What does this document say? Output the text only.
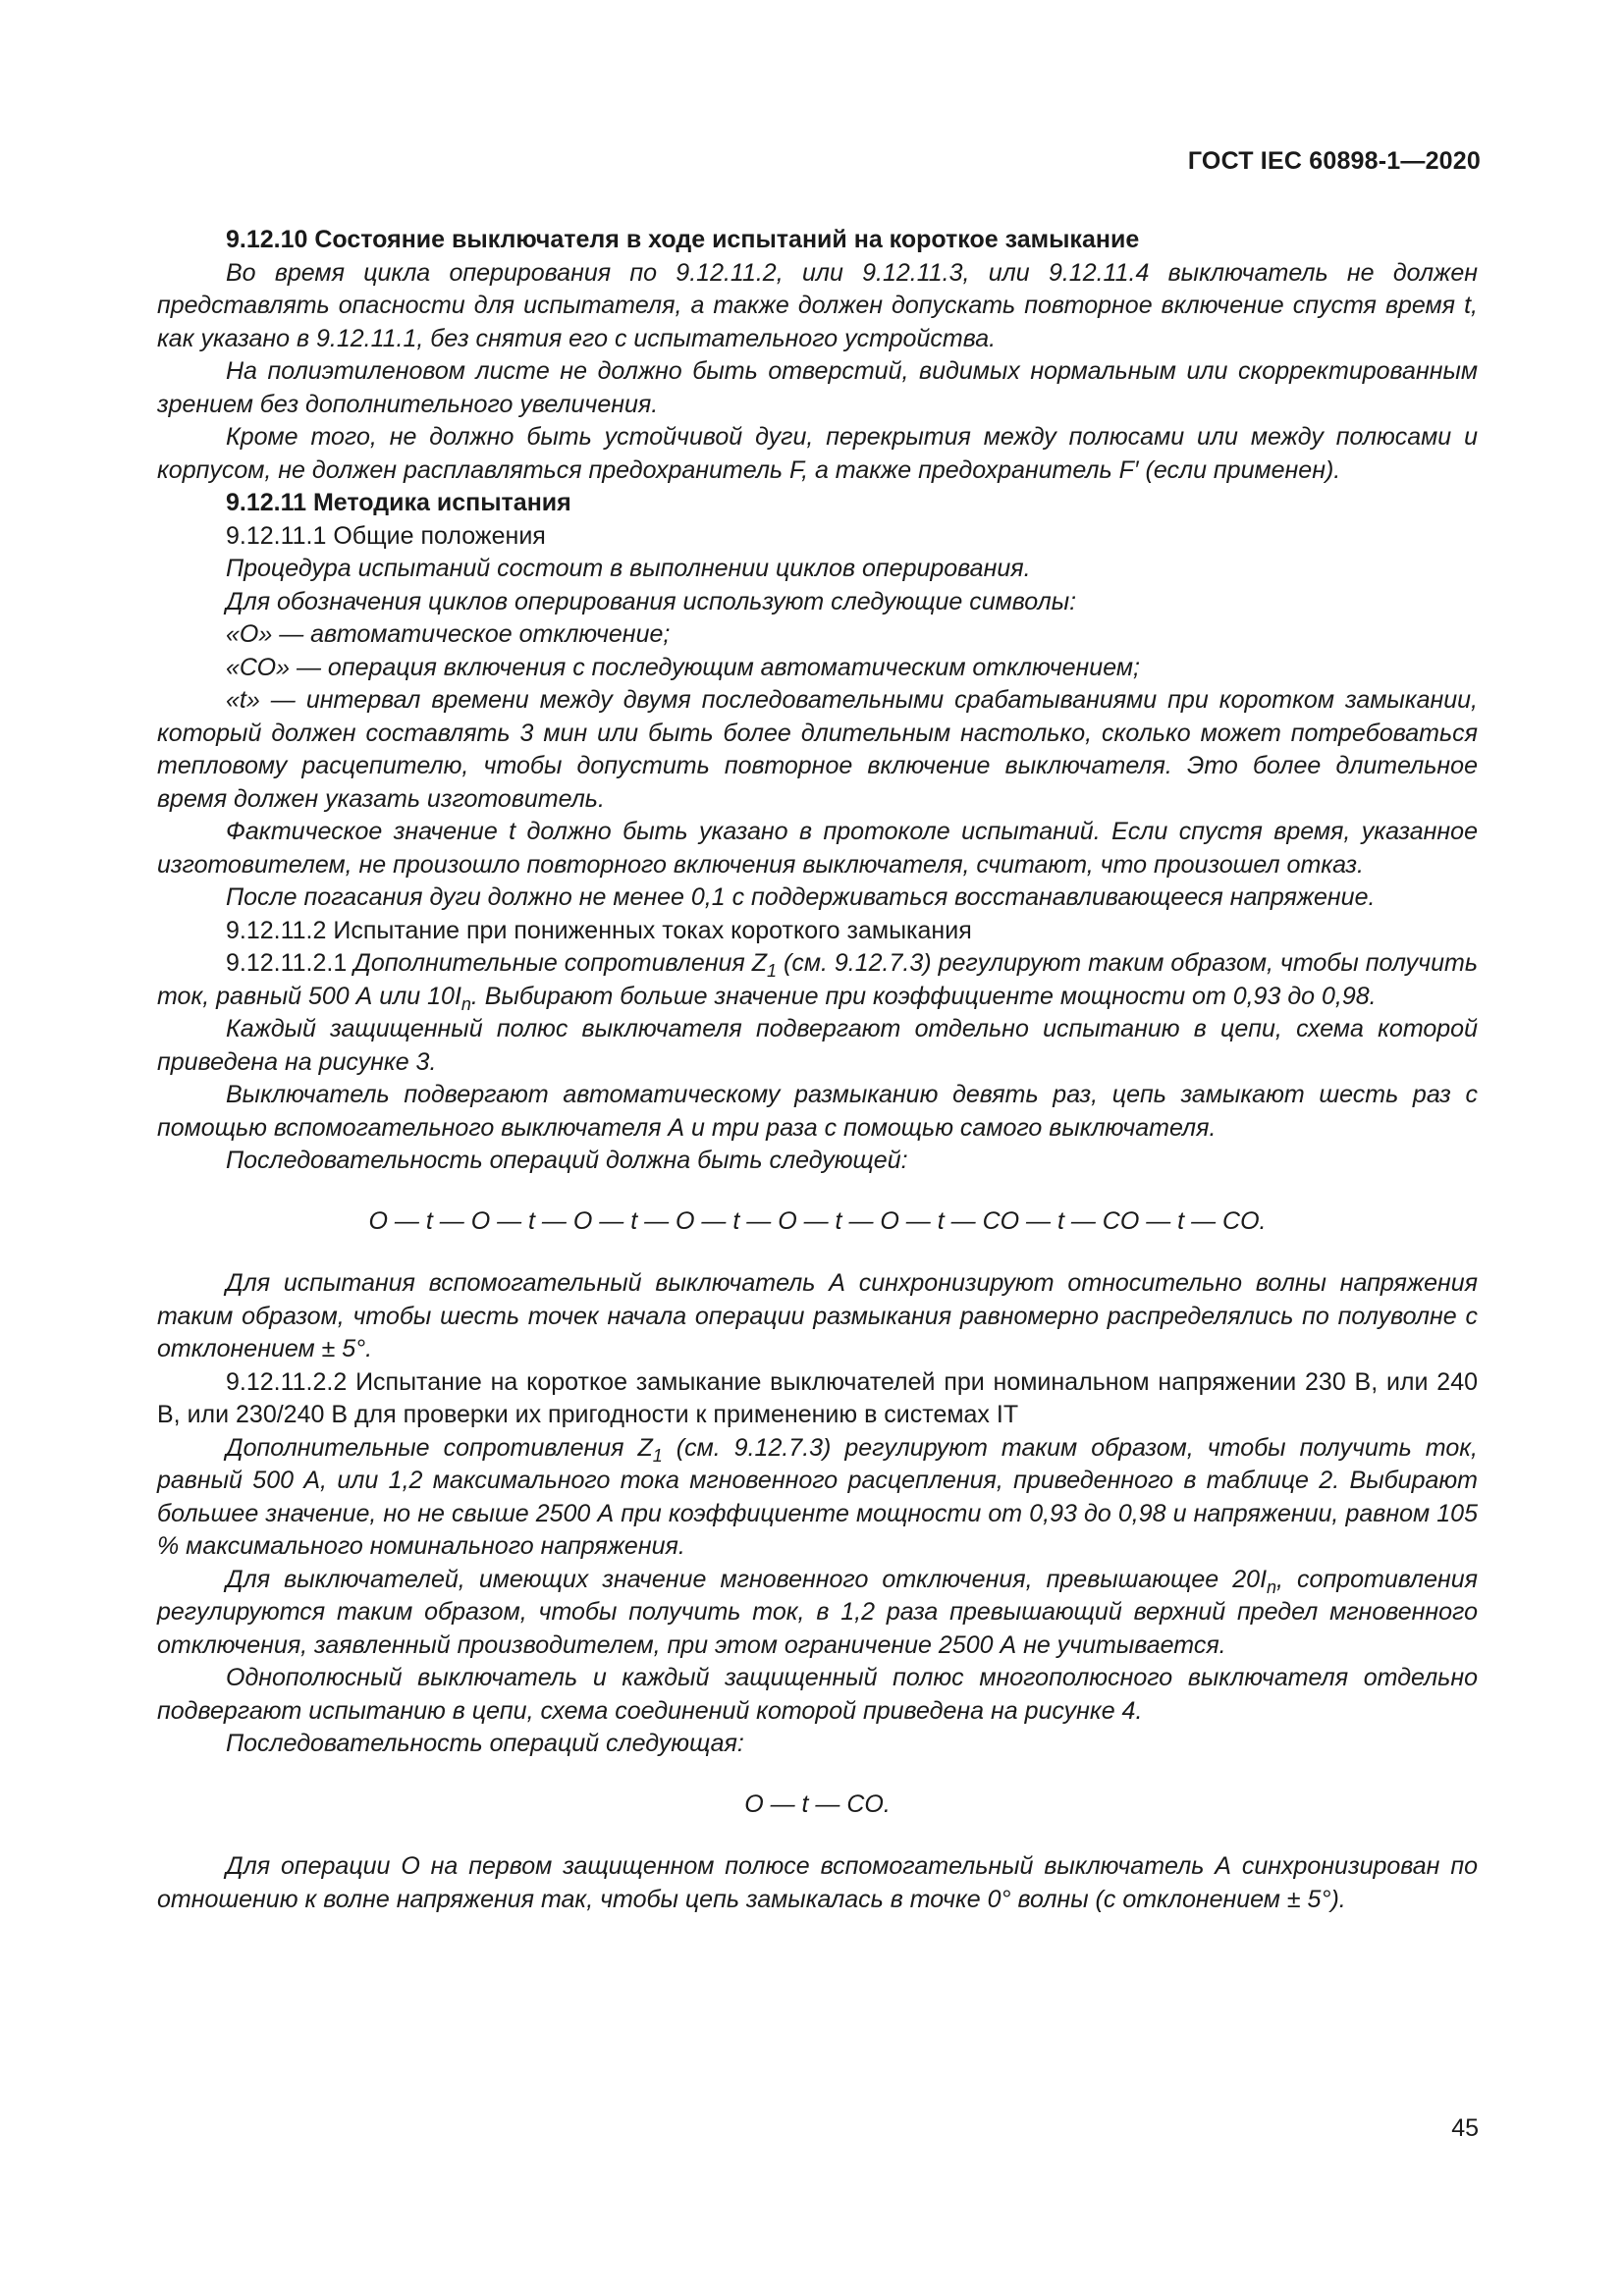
ГОСТ IEC 60898-1—2020

9.12.10 Состояние выключателя в ходе испытаний на короткое замыкание

Во время цикла оперирования по 9.12.11.2, или 9.12.11.3, или 9.12.11.4 выключатель не должен представлять опасности для испытателя, а также должен допускать повторное включение спустя время t, как указано в 9.12.11.1, без снятия его с испытательного устройства.

На полиэтиленовом листе не должно быть отверстий, видимых нормальным или скорректированным зрением без дополнительного увеличения.

Кроме того, не должно быть устойчивой дуги, перекрытия между полюсами или между полюсами и корпусом, не должен расплавляться предохранитель F, а также предохранитель F′ (если применен).

9.12.11 Методика испытания

9.12.11.1 Общие положения

Процедура испытаний состоит в выполнении циклов оперирования.

Для обозначения циклов оперирования используют следующие символы:

«О» — автоматическое отключение;

«СО» — операция включения с последующим автоматическим отключением;

«t» — интервал времени между двумя последовательными срабатываниями при коротком замыкании, который должен составлять 3 мин или быть более длительным настолько, сколько может потребоваться тепловому расцепителю, чтобы допустить повторное включение выключателя. Это более длительное время должен указать изготовитель.

Фактическое значение t должно быть указано в протоколе испытаний. Если спустя время, указанное изготовителем, не произошло повторного включения выключателя, считают, что произошел отказ.

После погасания дуги должно не менее 0,1 с поддерживаться восстанавливающееся напряжение.

9.12.11.2 Испытание при пониженных токах короткого замыкания

9.12.11.2.1 Дополнительные сопротивления $Z_1$ (см. 9.12.7.3) регулируют таким образом, чтобы получить ток, равный 500 А или $10I_n$. Выбирают больше значение при коэффициенте мощности от 0,93 до 0,98.

Каждый защищенный полюс выключателя подвергают отдельно испытанию в цепи, схема которой приведена на рисунке 3.

Выключатель подвергают автоматическому размыканию девять раз, цепь замыкают шесть раз с помощью вспомогательного выключателя А и три раза с помощью самого выключателя.

Последовательность операций должна быть следующей:

O — t — O — t — O — t — O — t — O — t — O — t — CO — t — CO — t — CO.

Для испытания вспомогательный выключатель А синхронизируют относительно волны напряжения таким образом, чтобы шесть точек начала операции размыкания равномерно распределялись по полуволне с отклонением ± 5°.

9.12.11.2.2 Испытание на короткое замыкание выключателей при номинальном напряжении 230 В, или 240 В, или 230/240 В для проверки их пригодности к применению в системах IT

Дополнительные сопротивления $Z_1$ (см. 9.12.7.3) регулируют таким образом, чтобы получить ток, равный 500 А, или 1,2 максимального тока мгновенного расцепления, приведенного в таблице 2. Выбирают большее значение, но не свыше 2500 А при коэффициенте мощности от 0,93 до 0,98 и напряжении, равном 105 % максимального номинального напряжения.

Для выключателей, имеющих значение мгновенного отключения, превышающее $20I_n$, сопротивления регулируются таким образом, чтобы получить ток, в 1,2 раза превышающий верхний предел мгновенного отключения, заявленный производителем, при этом ограничение 2500 А не учитывается.

Однополюсный выключатель и каждый защищенный полюс многополюсного выключателя отдельно подвергают испытанию в цепи, схема соединений которой приведена на рисунке 4.

Последовательность операций следующая:

O — t — CO.

Для операции О на первом защищенном полюсе вспомогательный выключатель А синхронизирован по отношению к волне напряжения так, чтобы цепь замыкалась в точке 0° волны (с отклонением ± 5°).

45
